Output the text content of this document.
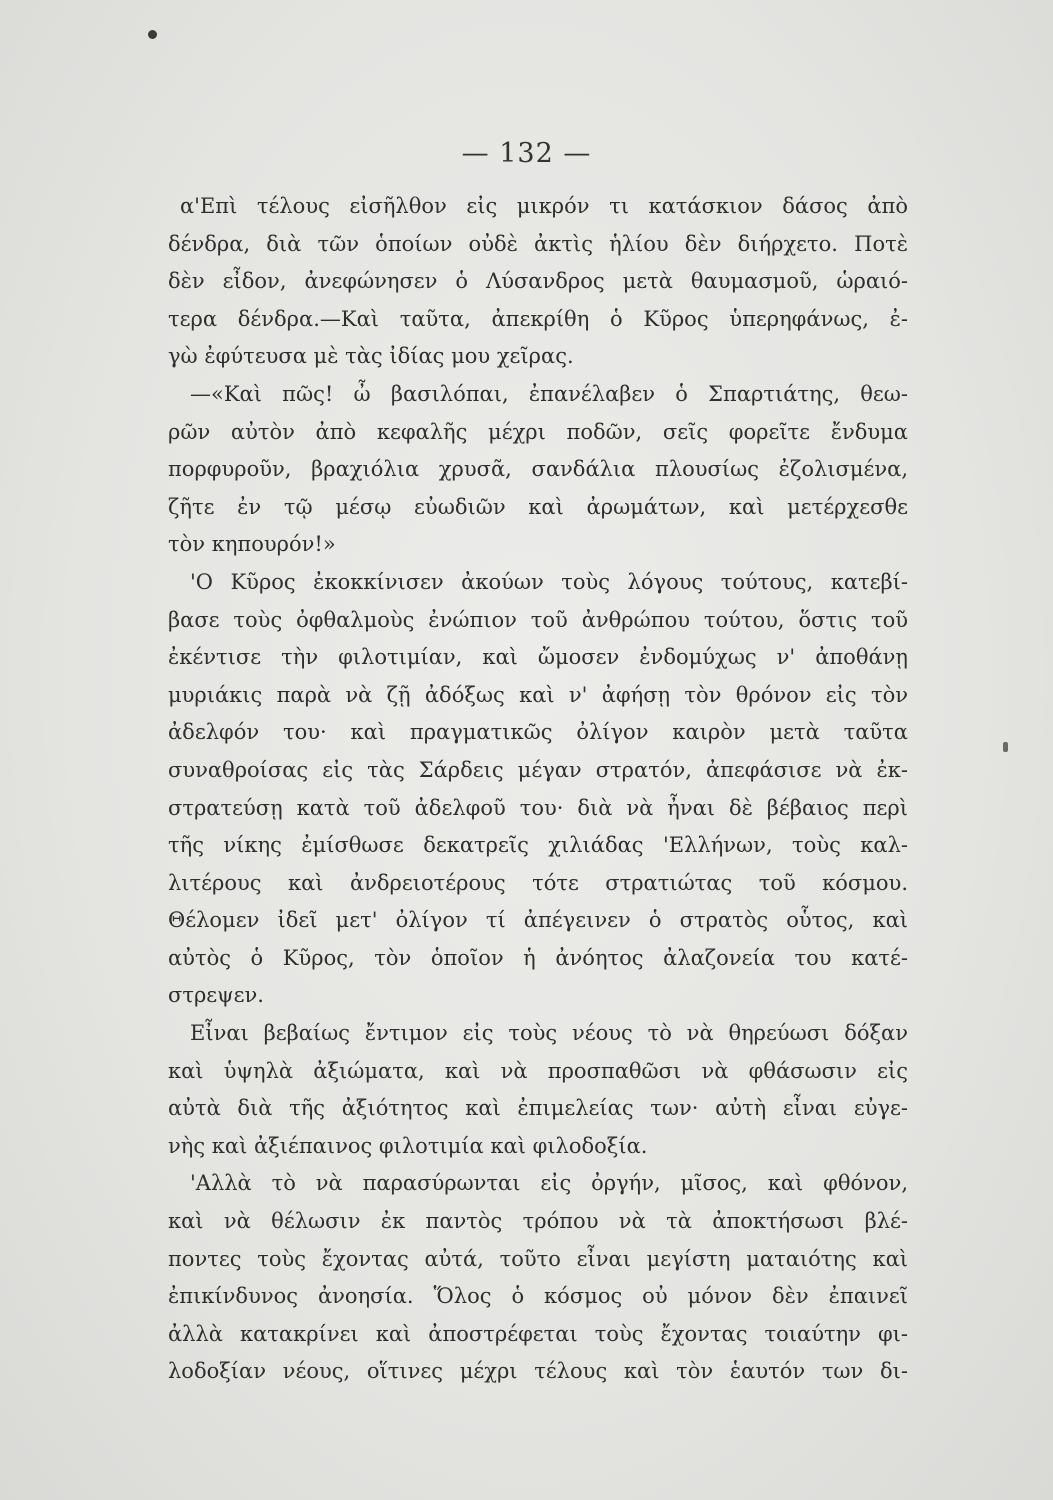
— 132 —
α'Επὶ τέλους εἰσῆλθον εἰς μικρόν τι κατάσκιον δάσος ἀπὸ
δένδρα, διὰ τῶν ὁποίων οὐδὲ ἀκτὶς ἡλίου δὲν διήρχετο. Ποτὲ
δὲν εἶδον, ἀνεφώνησεν ὁ Λύσανδρος μετὰ θαυμασμοῦ, ὡραιό-
τερα δένδρα.—Καὶ ταῦτα, ἀπεκρίθη ὁ Κῦρος ὑπερηφάνως, ἐ-
γὼ ἐφύτευσα μὲ τὰς ἰδίας μου χεῖρας.
—«Καὶ πῶς! ὦ βασιλόπαι, ἐπανέλαβεν ὁ Σπαρτιάτης, θεω-
ρῶν αὐτὸν ἀπὸ κεφαλῆς μέχρι ποδῶν, σεῖς φορεῖτε ἔνδυμα
πορφυροῦν, βραχιόλια χρυσᾶ, σανδάλια πλουσίως ἐζολισμένα,
ζῆτε ἐν τῷ μέσῳ εὐωδιῶν καὶ ἀρωμάτων, καὶ μετέρχεσθε
τὸν κηπουρόν!»
'Ο Κῦρος ἐκοκκίνισεν ἀκούων τοὺς λόγους τούτους, κατεβί-
βασε τοὺς ὀφθαλμοὺς ἐνώπιον τοῦ ἀνθρώπου τούτου, ὅστις τοῦ
ἐκέντισε τὴν φιλοτιμίαν, καὶ ὤμοσεν ἐνδομύχως ν' ἀποθάνῃ
μυριάκις παρὰ νὰ ζῇ ἀδόξως καὶ ν' ἀφήσῃ τὸν θρόνον εἰς τὸν
ἀδελφόν του· καὶ πραγματικῶς ὀλίγον καιρὸν μετὰ ταῦτα
συναθροίσας εἰς τὰς Σάρδεις μέγαν στρατόν, ἀπεφάσισε νὰ ἐκ-
στρατεύσῃ κατὰ τοῦ ἀδελφοῦ του· διὰ νὰ ἦναι δὲ βέβαιος περὶ
τῆς νίκης ἐμίσθωσε δεκατρεῖς χιλιάδας 'Ελλήνων, τοὺς καλ-
λιτέρους καὶ ἀνδρειοτέρους τότε στρατιώτας τοῦ κόσμου.
Θέλομεν ἰδεῖ μετ' ὀλίγον τί ἀπέγεινεν ὁ στρατὸς οὗτος, καὶ
αὐτὸς ὁ Κῦρος, τὸν ὁποῖον ἡ ἀνόητος ἀλαζονεία του κατέ-
στρεψεν.
Εἶναι βεβαίως ἔντιμον εἰς τοὺς νέους τὸ νὰ θηρεύωσι δόξαν
καὶ ὑψηλὰ ἀξιώματα, καὶ νὰ προσπαθῶσι νὰ φθάσωσιν εἰς
αὐτὰ διὰ τῆς ἀξιότητος καὶ ἐπιμελείας των· αὐτὴ εἶναι εὐγε-
νὴς καὶ ἀξιέπαινος φιλοτιμία καὶ φιλοδοξία.
'Αλλὰ τὸ νὰ παρασύρωνται εἰς ὀργήν, μῖσος, καὶ φθόνον,
καὶ νὰ θέλωσιν ἐκ παντὸς τρόπου νὰ τὰ ἀποκτήσωσι βλέ-
ποντες τοὺς ἔχοντας αὐτά, τοῦτο εἶναι μεγίστη ματαιότης καὶ
ἐπικίνδυνος ἀνοησία. Ὅλος ὁ κόσμος οὐ μόνον δὲν ἐπαινεῖ
ἀλλὰ κατακρίνει καὶ ἀποστρέφεται τοὺς ἔχοντας τοιαύτην φι-
λοδοξίαν νέους, οἵτινες μέχρι τέλους καὶ τὸν ἑαυτόν των δι-
